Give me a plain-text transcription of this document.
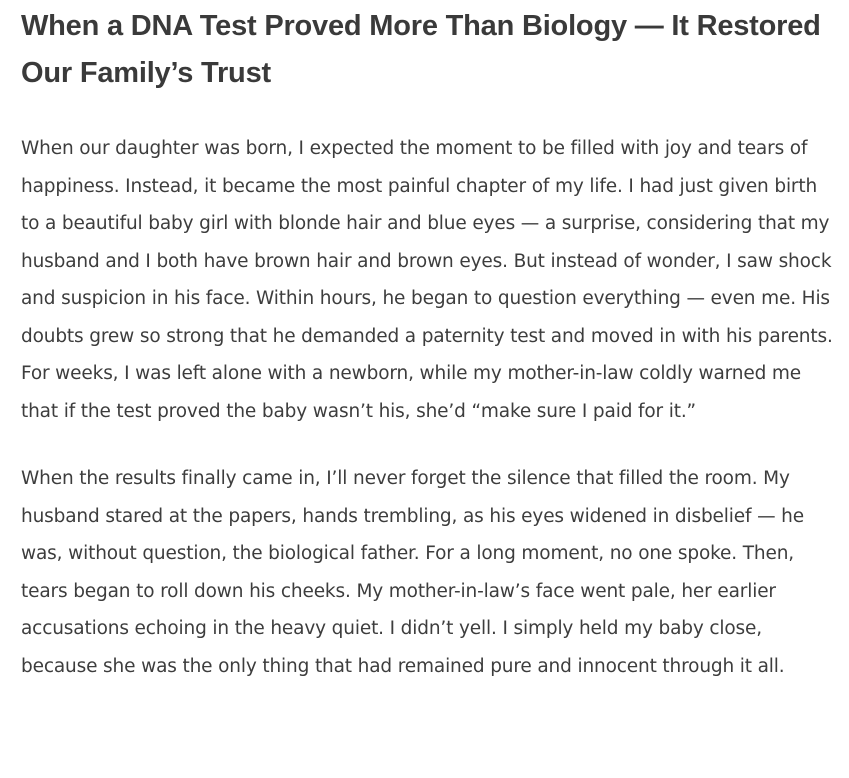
When a DNA Test Proved More Than Biology — It Restored Our Family’s Trust

When our daughter was born, I expected the moment to be filled with joy and tears of happiness. Instead, it became the most painful chapter of my life. I had just given birth to a beautiful baby girl with blonde hair and blue eyes — a surprise, considering that my husband and I both have brown hair and brown eyes. But instead of wonder, I saw shock and suspicion in his face. Within hours, he began to question everything — even me. His doubts grew so strong that he demanded a paternity test and moved in with his parents. For weeks, I was left alone with a newborn, while my mother-in-law coldly warned me that if the test proved the baby wasn’t his, she’d “make sure I paid for it.”

When the results finally came in, I’ll never forget the silence that filled the room. My husband stared at the papers, hands trembling, as his eyes widened in disbelief — he was, without question, the biological father. For a long moment, no one spoke. Then, tears began to roll down his cheeks. My mother-in-law’s face went pale, her earlier accusations echoing in the heavy quiet. I didn’t yell. I simply held my baby close, because she was the only thing that had remained pure and innocent through it all.
